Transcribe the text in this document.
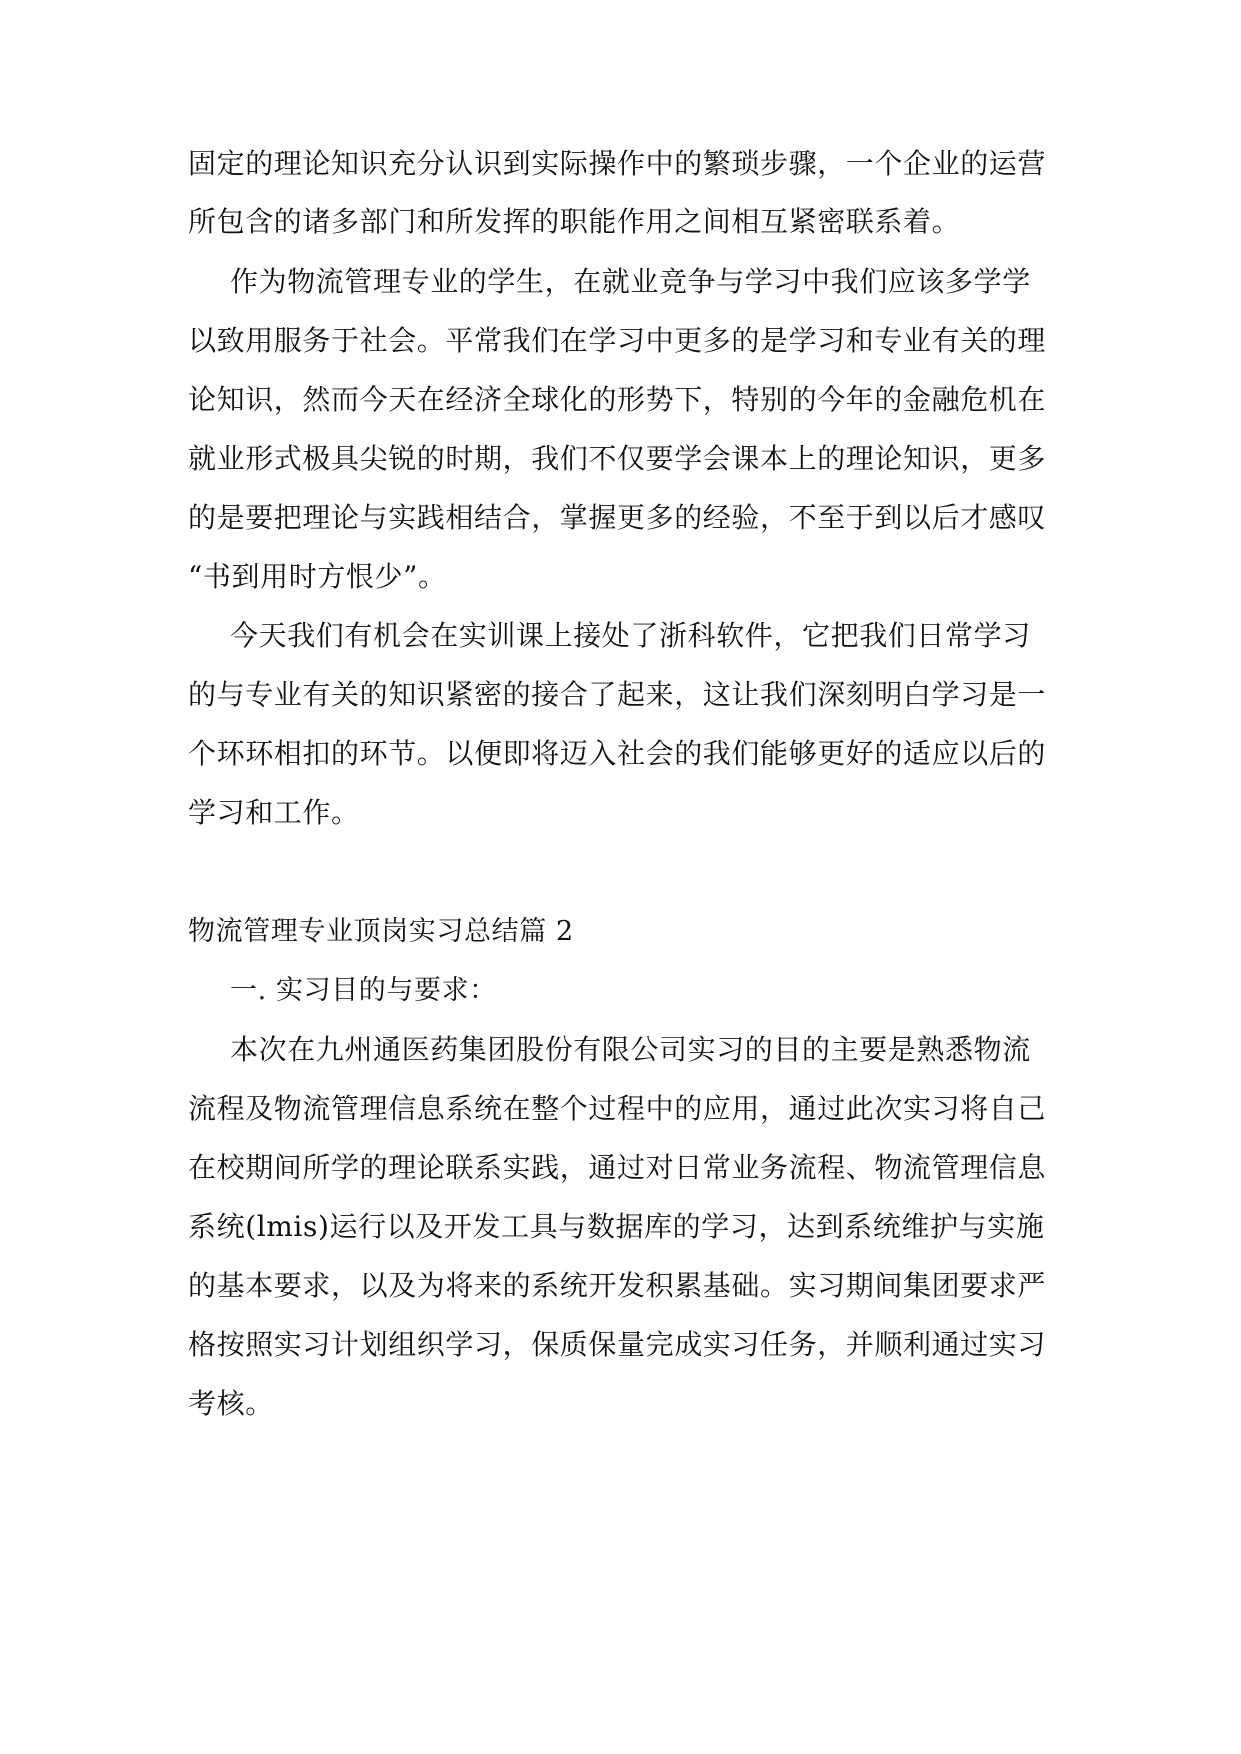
固定的理论知识充分认识到实际操作中的繁琐步骤，一个企业的运营
所包含的诸多部门和所发挥的职能作用之间相互紧密联系着。
作为物流管理专业的学生，在就业竞争与学习中我们应该多学学
以致用服务于社会。平常我们在学习中更多的是学习和专业有关的理
论知识，然而今天在经济全球化的形势下，特别的今年的金融危机在
就业形式极具尖锐的时期，我们不仅要学会课本上的理论知识，更多
的是要把理论与实践相结合，掌握更多的经验，不至于到以后才感叹
“书到用时方恨少”。
今天我们有机会在实训课上接处了浙科软件，它把我们日常学习
的与专业有关的知识紧密的接合了起来，这让我们深刻明白学习是一
个环环相扣的环节。以便即将迈入社会的我们能够更好的适应以后的
学习和工作。
物流管理专业顶岗实习总结篇 2
一. 实习目的与要求：
本次在九州通医药集团股份有限公司实习的目的主要是熟悉物流
流程及物流管理信息系统在整个过程中的应用，通过此次实习将自己
在校期间所学的理论联系实践，通过对日常业务流程、物流管理信息
系统(lmis)运行以及开发工具与数据库的学习，达到系统维护与实施
的基本要求，以及为将来的系统开发积累基础。实习期间集团要求严
格按照实习计划组织学习，保质保量完成实习任务，并顺利通过实习
考核。
